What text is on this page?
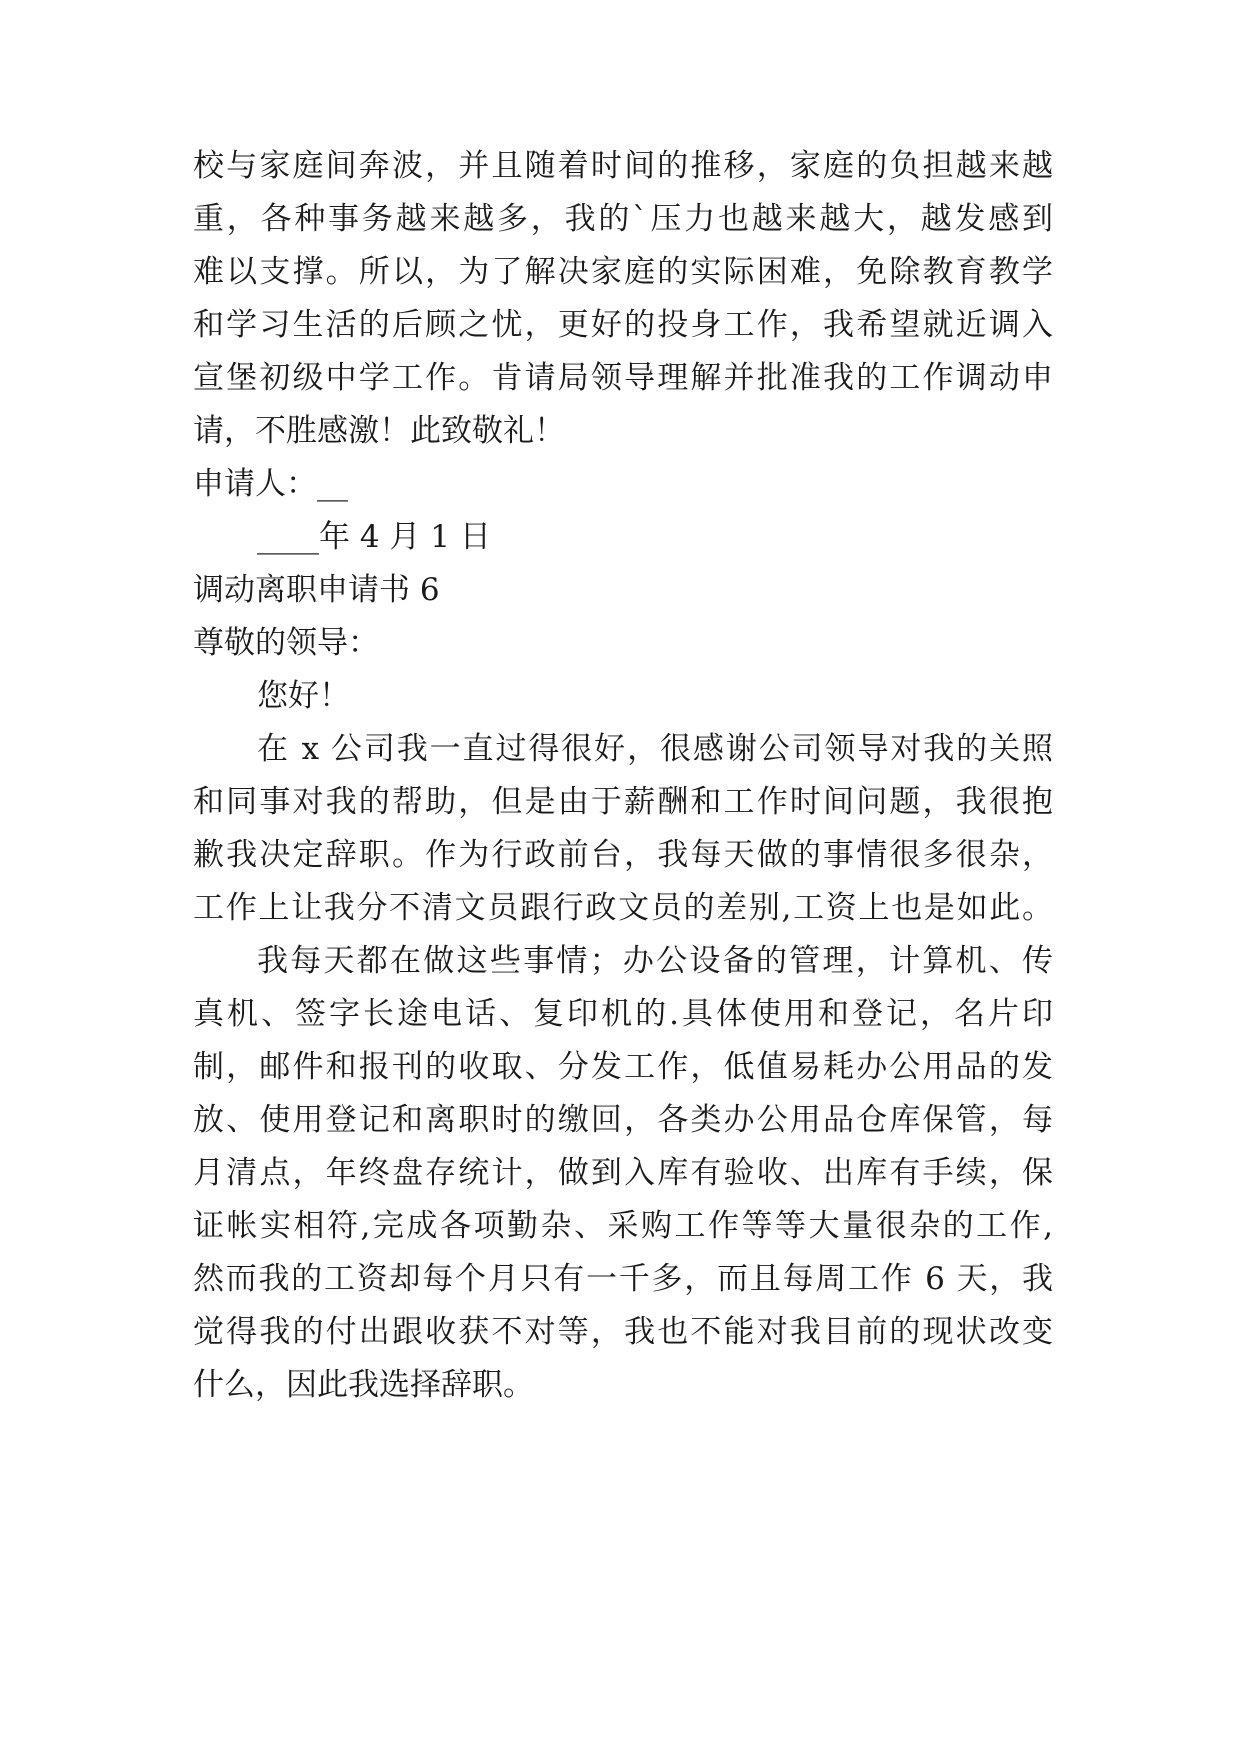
校与家庭间奔波，并且随着时间的推移，家庭的负担越来越
重，各种事务越来越多，我的`压力也越来越大，越发感到
难以支撑。所以，为了解决家庭的实际困难，免除教育教学
和学习生活的后顾之忧，更好的投身工作，我希望就近调入
宣堡初级中学工作。肯请局领导理解并批准我的工作调动申
请，不胜感激！此致敬礼！
申请人：__
____年 4 月 1 日
调动离职申请书 6
尊敬的领导：
您好！
在 x 公司我一直过得很好，很感谢公司领导对我的关照
和同事对我的帮助，但是由于薪酬和工作时间问题，我很抱
歉我决定辞职。作为行政前台，我每天做的事情很多很杂，
工作上让我分不清文员跟行政文员的差别,工资上也是如此。
我每天都在做这些事情；办公设备的管理，计算机、传
真机、签字长途电话、复印机的.具体使用和登记，名片印
制，邮件和报刊的收取、分发工作，低值易耗办公用品的发
放、使用登记和离职时的缴回，各类办公用品仓库保管，每
月清点，年终盘存统计，做到入库有验收、出库有手续，保
证帐实相符,完成各项勤杂、采购工作等等大量很杂的工作,
然而我的工资却每个月只有一千多，而且每周工作 6 天，我
觉得我的付出跟收获不对等，我也不能对我目前的现状改变
什么，因此我选择辞职。
